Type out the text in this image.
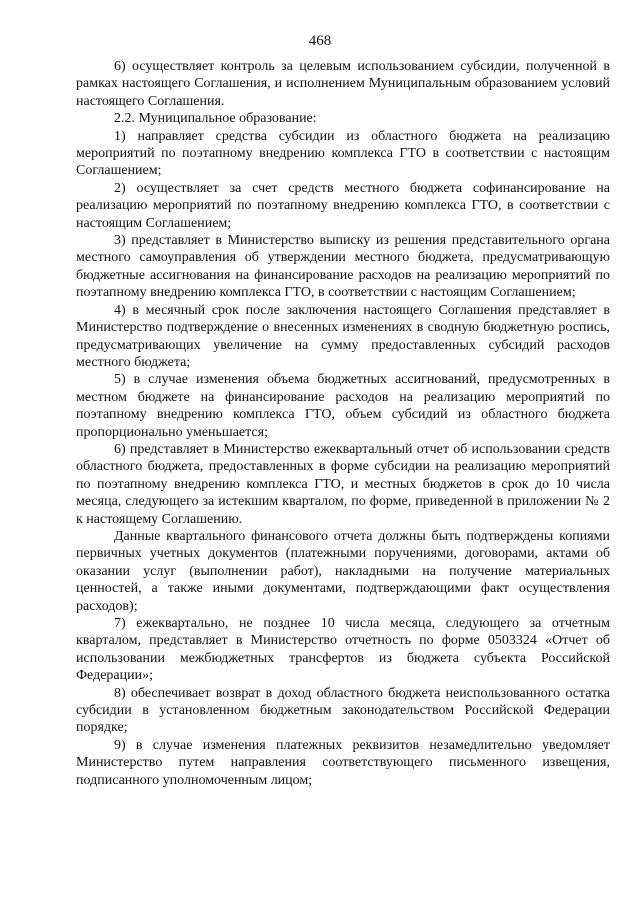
468

6) осуществляет контроль за целевым использованием субсидии, полученной в рамках настоящего Соглашения, и исполнением Муниципальным образованием условий настоящего Соглашения.

2.2. Муниципальное образование:

1) направляет средства субсидии из областного бюджета на реализацию мероприятий по поэтапному внедрению комплекса ГТО в соответствии с настоящим Соглашением;

2) осуществляет за счет средств местного бюджета софинансирование на реализацию мероприятий по поэтапному внедрению комплекса ГТО, в соответствии с настоящим Соглашением;

3) представляет в Министерство выписку из решения представительного органа местного самоуправления об утверждении местного бюджета, предусматривающую бюджетные ассигнования на финансирование расходов на реализацию мероприятий по поэтапному внедрению комплекса ГТО, в соответствии с настоящим Соглашением;

4) в месячный срок после заключения настоящего Соглашения представляет в Министерство подтверждение о внесенных изменениях в сводную бюджетную роспись, предусматривающих увеличение на сумму предоставленных субсидий расходов местного бюджета;

5) в случае изменения объема бюджетных ассигнований, предусмотренных в местном бюджете на финансирование расходов на реализацию мероприятий по поэтапному внедрению комплекса ГТО, объем субсидий из областного бюджета пропорционально уменьшается;

6) представляет в Министерство ежеквартальный отчет об использовании средств областного бюджета, предоставленных в форме субсидии на реализацию мероприятий по поэтапному внедрению комплекса ГТО, и местных бюджетов в срок до 10 числа месяца, следующего за истекшим кварталом, по форме, приведенной в приложении № 2 к настоящему Соглашению.

Данные квартального финансового отчета должны быть подтверждены копиями первичных учетных документов (платежными поручениями, договорами, актами об оказании услуг (выполнении работ), накладными на получение материальных ценностей, а также иными документами, подтверждающими факт осуществления расходов);

7) ежеквартально, не позднее 10 числа месяца, следующего за отчетным кварталом, представляет в Министерство отчетность по форме 0503324 «Отчет об использовании межбюджетных трансфертов из бюджета субъекта Российской Федерации»;

8) обеспечивает возврат в доход областного бюджета неиспользованного остатка субсидии в установленном бюджетным законодательством Российской Федерации порядке;

9) в случае изменения платежных реквизитов незамедлительно уведомляет Министерство путем направления соответствующего письменного извещения, подписанного уполномоченным лицом;
